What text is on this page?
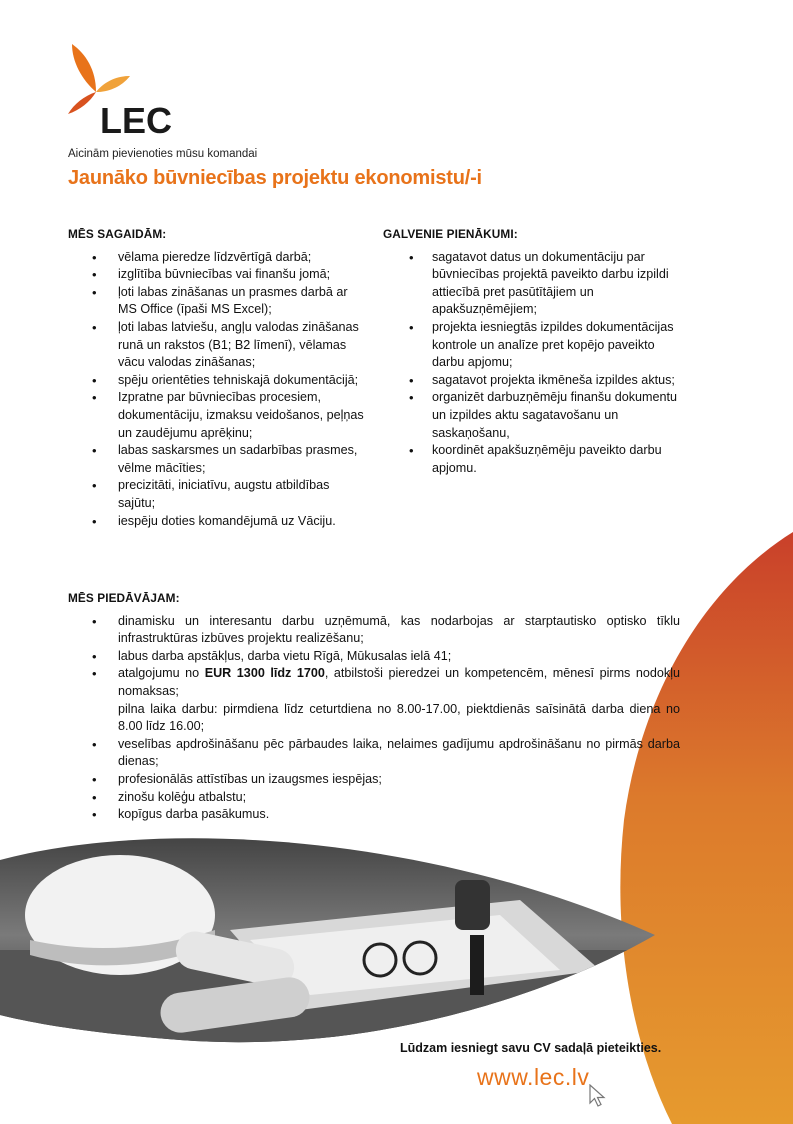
LEC
Aicinām pievienoties mūsu komandai
Jaunāko būvniecības projektu ekonomistu/-i
MĒS SAGAIDĀM:
• vēlama pieredze līdzvērtīgā darbā;
• izglītība būvniecības vai finanšu jomā;
• ļoti labas zināšanas un prasmes darbā ar MS Office (īpaši MS Excel);
• ļoti labas latviešu, angļu valodas zināšanas runā un rakstos (B1; B2 līmenī), vēlamas vācu valodas zināšanas;
• spēju orientēties tehniskajā dokumentācijā;
• Izpratne par būvniecības procesiem, dokumentāciju, izmaksu veidošanos, peļņas un zaudējumu aprēķinu;
• labas saskarsmes un sadarbības prasmes, vēlme mācīties;
• precizitāti, iniciatīvu, augstu atbildības sajūtu;
• iespēju doties komandējumā uz Vāciju.
GALVENIE PIENĀKUMI:
• sagatavot datus un dokumentāciju par būvniecības projektā paveikto darbu izpildi attiecībā pret pasūtītājiem un apakšuzņēmējiem;
• projekta iesniegtās izpildes dokumentācijas kontrole un analīze pret kopējo paveikto darbu apjomu;
• sagatavot projekta ikmēneša izpildes aktus;
• organizēt darbuzņēmēju finanšu dokumentu un izpildes aktu sagatavošanu un saskaņošanu,
• koordinēt apakšuzņēmēju paveikto darbu apjomu.
MĒS PIEDĀVĀJAM:
• dinamisku un interesantu darbu uzņēmumā, kas nodarbojas ar starptautisko optisko tīklu infrastruktūras izbūves projektu realizēšanu;
• labus darba apstākļus, darba vietu Rīgā, Mūkusalas ielā 41;
• atalgojumu no EUR 1300 līdz 1700, atbilstoši pieredzei un kompetencēm, mēnesī pirms nodokļu nomaksas;
pilna laika darbu: pirmdiena līdz ceturtdiena no 8.00-17.00, piektdienās saīsinātā darba diena no 8.00 līdz 16.00;
• veselības apdrošināšanu pēc pārbaudes laika, nelaimes gadījumu apdrošināšanu no pirmās darba dienas;
• profesionālās attīstības un izaugsmes iespējas;
• zinošu kolēģu atbalstu;
• kopīgus darba pasākumus.
Lūdzam iesniegt savu CV sadaļā pieteikties.
www.lec.lv
